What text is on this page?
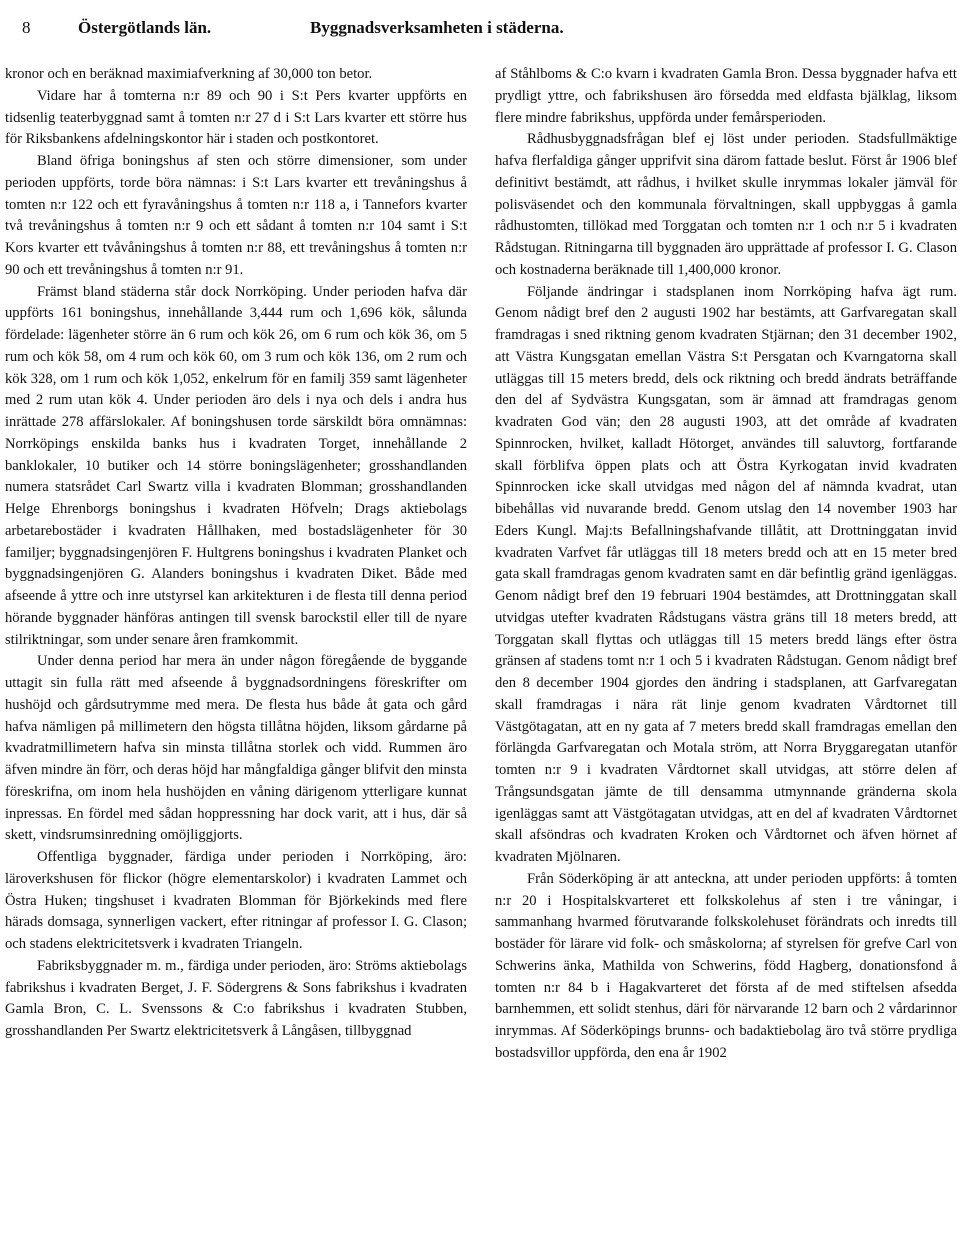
8	Östergötlands län.	Byggnadsverksamheten i städerna.

kronor och en beräknad maximiafverkning af 30,000 ton betor.

Vidare har å tomterna n:r 89 och 90 i S:t Pers kvarter uppförts en tidsenlig teaterbyggnad samt å tomten n:r 27 d i S:t Lars kvarter ett större hus för Riksbankens afdelningskontor här i staden och postkontoret.

Bland öfriga boningshus af sten och större dimensioner, som under perioden uppförts, torde böra nämnas: i S:t Lars kvarter ett trevåningshus å tomten n:r 122 och ett fyravåningshus å tomten n:r 118 a, i Tannefors kvarter två trevåningshus å tomten n:r 9 och ett sådant å tomten n:r 104 samt i S:t Kors kvarter ett tvåvåningshus å tomten n:r 88, ett trevåningshus å tomten n:r 90 och ett trevåningshus å tomten n:r 91.

Främst bland städerna står dock Norrköping. Under perioden hafva där uppförts 161 boningshus, innehållande 3,444 rum och 1,696 kök, sålunda fördelade: lägenheter större än 6 rum och kök 26, om 6 rum och kök 36, om 5 rum och kök 58, om 4 rum och kök 60, om 3 rum och kök 136, om 2 rum och kök 328, om 1 rum och kök 1,052, enkelrum för en familj 359 samt lägenheter med 2 rum utan kök 4. Under perioden äro dels i nya och dels i andra hus inrättade 278 affärslokaler. Af boningshusen torde särskildt böra omnämnas: Norrköpings enskilda banks hus i kvadraten Torget, innehållande 2 banklokaler, 10 butiker och 14 större boningslägenheter; grosshandlanden numera statsrådet Carl Swartz villa i kvadraten Blomman; grosshandlanden Helge Ehrenborgs boningshus i kvadraten Höfveln; Drags aktiebolags arbetarebostäder i kvadraten Hållhaken, med bostadslägenheter för 30 familjer; byggnadsingenjören F. Hultgrens boningshus i kvadraten Planket och byggnadsingenjören G. Alanders boningshus i kvadraten Diket. Både med afseende å yttre och inre utstyrsel kan arkitekturen i de flesta till denna period hörande byggnader hänföras antingen till svensk barockstil eller till de nyare stilriktningar, som under senare åren framkommit.

Under denna period har mera än under någon föregående de byggande uttagit sin fulla rätt med afseende å byggnadsordningens föreskrifter om hushöjd och gårdsutrymme med mera. De flesta hus både åt gata och gård hafva nämligen på millimetern den högsta tillåtna höjden, liksom gårdarne på kvadratmillimetern hafva sin minsta tillåtna storlek och vidd. Rummen äro äfven mindre än förr, och deras höjd har mångfaldiga gånger blifvit den minsta föreskrifna, om inom hela hushöjden en våning därigenom ytterligare kunnat inpressas. En fördel med sådan hoppressning har dock varit, att i hus, där så skett, vindsrumsinredning omöjliggjorts.

Offentliga byggnader, färdiga under perioden i Norrköping, äro: läroverkshusen för flickor (högre elementarskolor) i kvadraten Lammet och Östra Huken; tingshuset i kvadraten Blomman för Björkekinds med flere härads domsaga, synnerligen vackert, efter ritningar af professor I. G. Clason; och stadens elektricitetsverk i kvadraten Triangeln.

Fabriksbyggnader m. m., färdiga under perioden, äro: Ströms aktiebolags fabrikshus i kvadraten Berget, J. F. Södergrens & Sons fabrikshus i kvadraten Gamla Bron, C. L. Svenssons & C:o fabrikshus i kvadraten Stubben, grosshandlanden Per Swartz elektricitetsverk å Långåsen, tillbyggnad

af Ståhlboms & C:o kvarn i kvadraten Gamla Bron. Dessa byggnader hafva ett prydligt yttre, och fabrikshusen äro försedda med eldfasta bjälklag, liksom flere mindre fabrikshus, uppförda under femårsperioden.

Rådhusbyggnadsfrågan blef ej löst under perioden. Stadsfullmäktige hafva flerfaldiga gånger upprifvit sina därom fattade beslut. Först år 1906 blef definitivt bestämdt, att rådhus, i hvilket skulle inrymmas lokaler jämväl för polisväsendet och den kommunala förvaltningen, skall uppbyggas å gamla rådhustomten, tillökad med Torggatan och tomten n:r 1 och n:r 5 i kvadraten Rådstugan. Ritningarna till byggnaden äro upprättade af professor I. G. Clason och kostnaderna beräknade till 1,400,000 kronor.

Följande ändringar i stadsplanen inom Norrköping hafva ägt rum. Genom nådigt bref den 2 augusti 1902 har bestämts, att Garfvaregatan skall framdragas i sned riktning genom kvadraten Stjärnan; den 31 december 1902, att Västra Kungsgatan emellan Västra S:t Persgatan och Kvarngatorna skall utläggas till 15 meters bredd, dels ock riktning och bredd ändrats beträffande den del af Sydvästra Kungsgatan, som är ämnad att framdragas genom kvadraten God vän; den 28 augusti 1903, att det område af kvadraten Spinnrocken, hvilket, kalladt Hötorget, användes till saluvtorg, fortfarande skall förblifva öppen plats och att Östra Kyrkogatan invid kvadraten Spinnrocken icke skall utvidgas med någon del af nämnda kvadrat, utan bibehållas vid nuvarande bredd. Genom utslag den 14 november 1903 har Eders Kungl. Maj:ts Befallningshafvande tillåtit, att Drottninggatan invid kvadraten Varfvet får utläggas till 18 meters bredd och att en 15 meter bred gata skall framdragas genom kvadraten samt en där befintlig gränd igenläggas. Genom nådigt bref den 19 februari 1904 bestämdes, att Drottninggatan skall utvidgas utefter kvadraten Rådstugans västra gräns till 18 meters bredd, att Torggatan skall flyttas och utläggas till 15 meters bredd längs efter östra gränsen af stadens tomt n:r 1 och 5 i kvadraten Rådstugan. Genom nådigt bref den 8 december 1904 gjordes den ändring i stadsplanen, att Garfvaregatan skall framdragas i nära rät linje genom kvadraten Vårdtornet till Västgötagatan, att en ny gata af 7 meters bredd skall framdragas emellan den förlängda Garfvaregatan och Motala ström, att Norra Bryggaregatan utanför tomten n:r 9 i kvadraten Vårdtornet skall utvidgas, att större delen af Trångsundsgatan jämte de till densamma utmynnande gränderna skola igenläggas samt att Västgötagatan utvidgas, att en del af kvadraten Vårdtornet skall afsöndras och kvadraten Kroken och Vårdtornet och äfven hörnet af kvadraten Mjölnaren.

Från Söderköping är att anteckna, att under perioden uppförts: å tomten n:r 20 i Hospitalskvarteret ett folkskolehus af sten i tre våningar, i sammanhang hvarmed förutvarande folkskolehuset förändrats och inredts till bostäder för lärare vid folk- och småskolorna; af styrelsen för grefve Carl von Schwerins änka, Mathilda von Schwerins, född Hagberg, donationsfond å tomten n:r 84 b i Hagakvarteret det första af de med stiftelsen afsedda barnhemmen, ett solidt stenhus, däri för närvarande 12 barn och 2 vårdarinnor inrymmas. Af Söderköpings brunns- och badaktiebolag äro två större prydliga bostadsvillor uppförda, den ena år 1902
